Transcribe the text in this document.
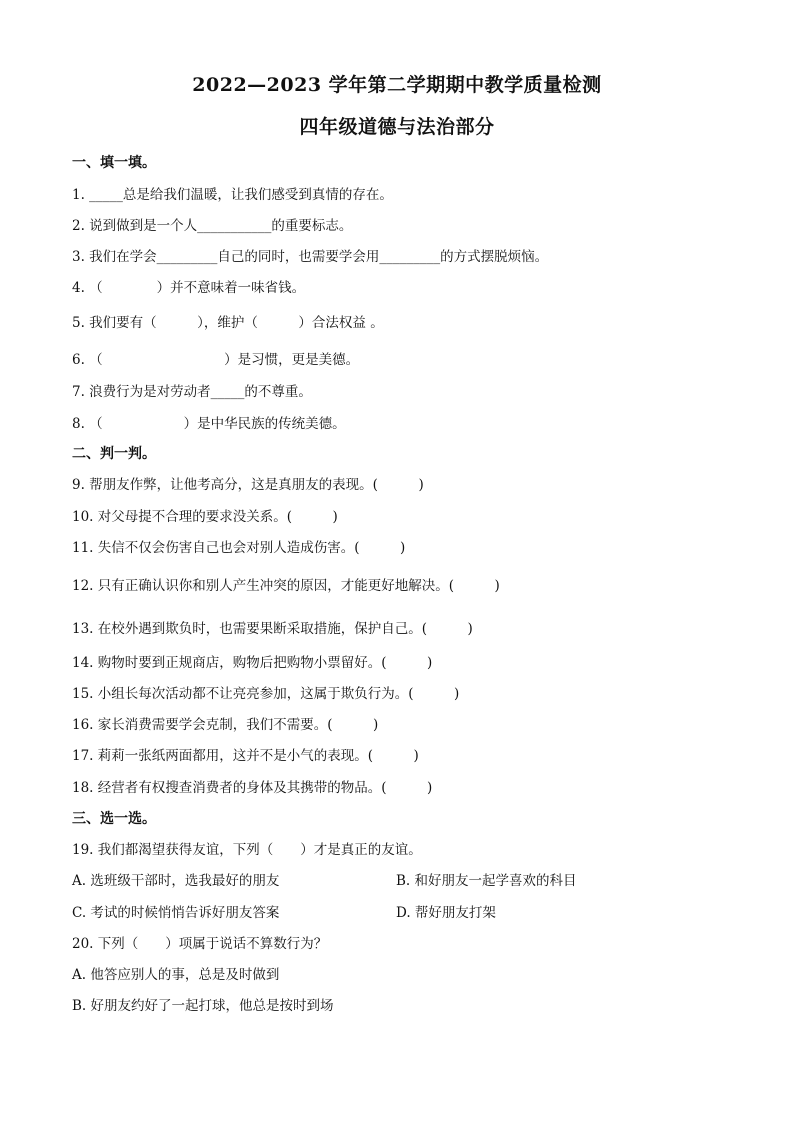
2022—2023 学年第二学期期中教学质量检测
四年级道德与法治部分
一、填一填。
1. _____总是给我们温暖，让我们感受到真情的存在。
2. 说到做到是一个人___________的重要标志。
3. 我们在学会_________自己的同时，也需要学会用_________的方式摆脱烦恼。
4. （　　　　）并不意味着一味省钱。
5. 我们要有（　　　），维护（　　　）合法权益 。
6. （　　　　　　　　　）是习惯，更是美德。
7. 浪费行为是对劳动者_____的不尊重。
8. （　　　　　　）是中华民族的传统美德。
二、判一判。
9. 帮朋友作弊，让他考高分，这是真朋友的表现。(　　　)
10. 对父母提不合理的要求没关系。(　　　)
11. 失信不仅会伤害自己也会对别人造成伤害。(　　　)
12. 只有正确认识你和别人产生冲突的原因，才能更好地解决。(　　　)
13. 在校外遇到欺负时，也需要果断采取措施，保护自己。(　　　)
14. 购物时要到正规商店，购物后把购物小票留好。(　　　)
15. 小组长每次活动都不让亮亮参加，这属于欺负行为。(　　　)
16. 家长消费需要学会克制，我们不需要。(　　　)
17. 莉莉一张纸两面都用，这并不是小气的表现。(　　　)
18. 经营者有权搜查消费者的身体及其携带的物品。(　　　)
三、选一选。
19. 我们都渴望获得友谊，下列（　　）才是真正的友谊。
A. 选班级干部时，选我最好的朋友	B. 和好朋友一起学喜欢的科目
C. 考试的时候悄悄告诉好朋友答案	D. 帮好朋友打架
20. 下列（　　）项属于说话不算数行为？
A. 他答应别人的事，总是及时做到
B. 好朋友约好了一起打球，他总是按时到场
